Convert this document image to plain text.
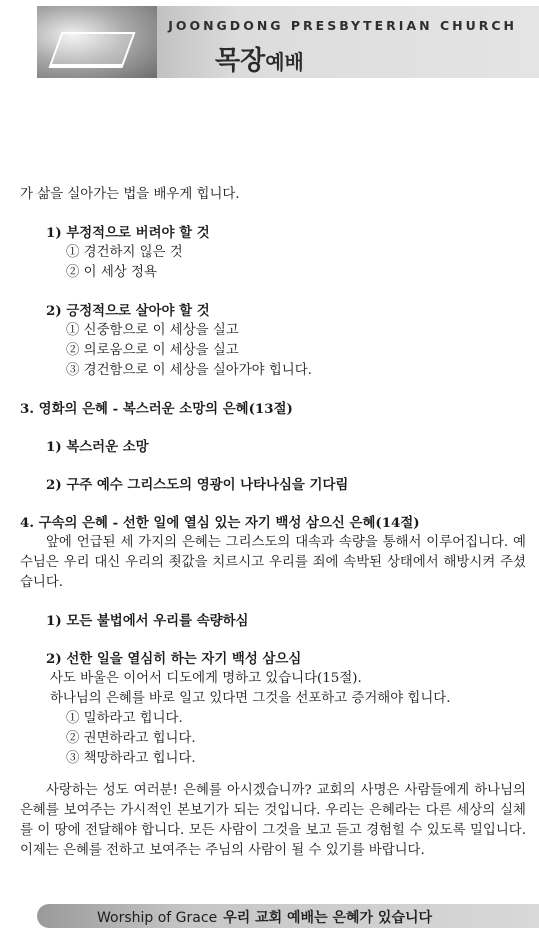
JOONGDONG PRESBYTERIAN CHURCH
목장예배
가 삶을 실아가는 법을 배우게 힙니다.
1) 부정적으로 버려야 할 것
① 경건하지 읺은 것
② 이 세상 정욕
2) 긍정적으로 살아야 할 것
① 신중함으로 이 세상을 실고
② 의로움으로 이 세상을 실고
③ 경건함으로 이 세상을 실아가야 힙니다.
3. 영화의 은혜 - 복스러운 소망의 은혜(13절)
1) 복스러운 소망
2) 구주 예수 그리스도의 영광이 나타나심을 기다림
4. 구속의 은혜 - 선한 일에 열심 있는 자기 백성 삼으신 은혜(14절)
앞에 언급된 세 가지의 은혜는 그리스도의 대속과 속량을 통해서 이루어집니다. 예수님은 우리 대신 우리의 죗값을 치르시고 우리를 죄에 속박된 상태에서 해방시켜 주셨습니다.
1) 모든 불법에서 우리를 속량하심
2) 선한 일을 열심히 하는 자기 백성 삼으심
사도 바울은 이어서 디도에게 명하고 있습니다(15절).
하나님의 은혜를 바로 일고 있다면 그것을 선포하고 증거해야 힙니다.
① 밀하라고 힙니다.
② 권면하라고 힙니다.
③ 책망하라고 힙니다.
사랑하는 성도 여러분! 은혜를 아시겠습니까? 교회의 사명은 사람들에게 하나님의 은혜를 보여주는 가시적인 본보기가 되는 것입니다. 우리는 은혜라는 다른 세상의 실체를 이 땅에 전달해야 합니다. 모든 사람이 그것을 보고 듣고 경험힐 수 있도록 밀입니다. 이제는 은혜를 전하고 보여주는 주님의 사람이 될 수 있기를 바랍니다.
Worship of Grace 우리 교회 예배는 은혜가 있습니다
